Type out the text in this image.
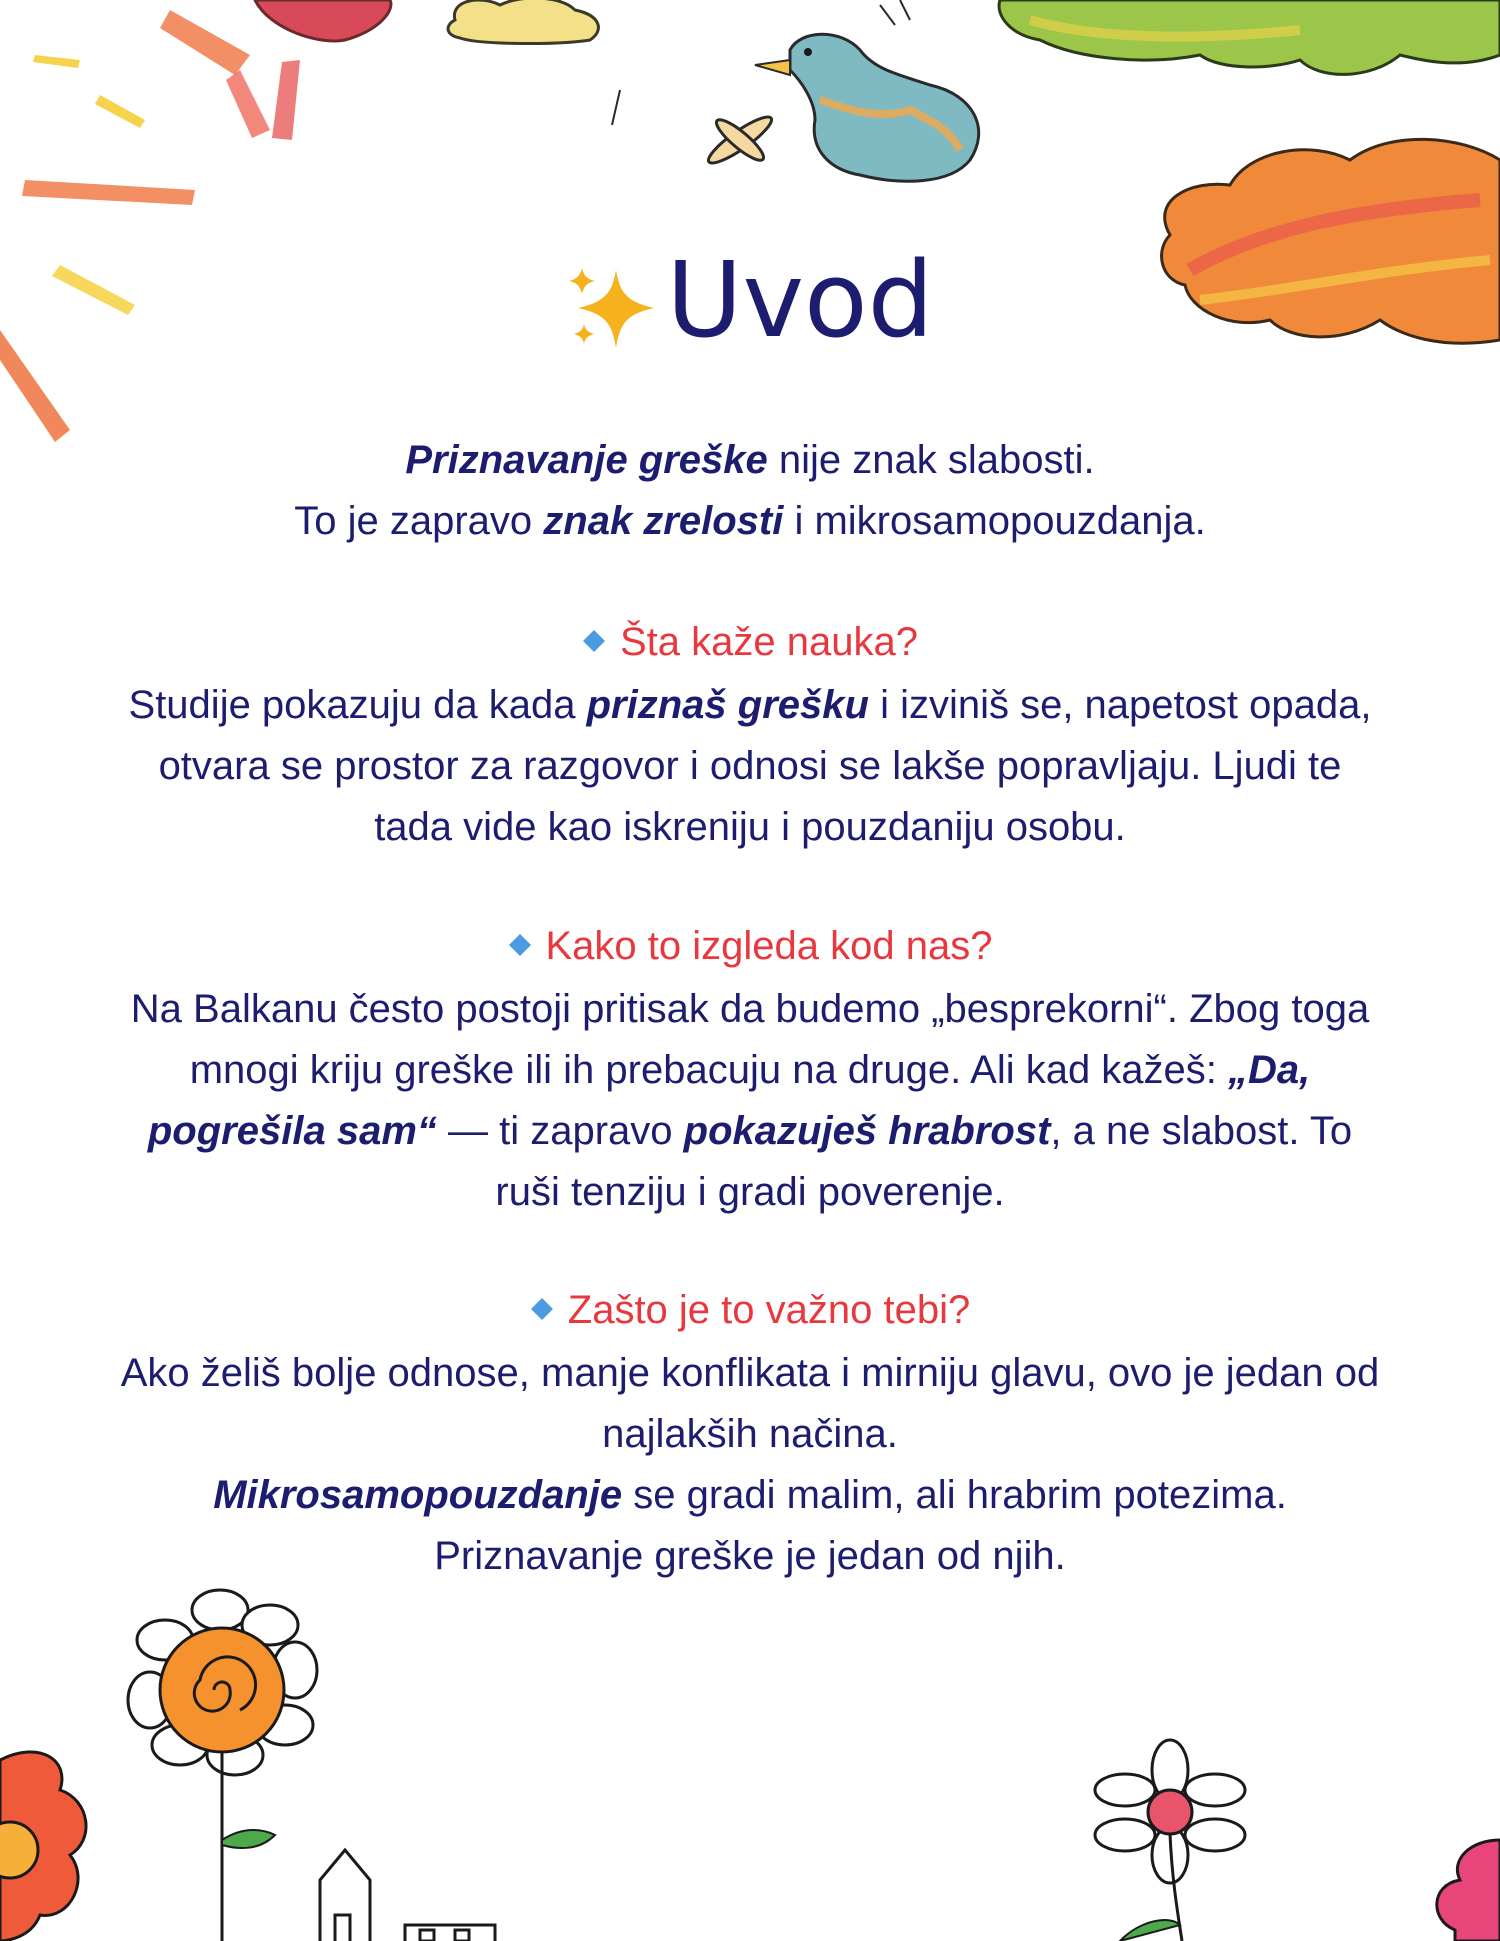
Uvod

Priznavanje greške nije znak slabosti.

To je zapravo znak zrelosti i mikrosamopouzdanja.

Šta kaže nauka?

Studije pokazuju da kada priznaš grešku i izviniš se, napetost opada, otvara se prostor za razgovor i odnosi se lakše popravljaju. Ljudi te tada vide kao iskreniju i pouzdaniju osobu.

Kako to izgleda kod nas?

Na Balkanu često postoji pritisak da budemo „besprekorni“. Zbog toga mnogi kriju greške ili ih prebacuju na druge. Ali kad kažeš: „Da, pogrešila sam“ — ti zapravo pokazuješ hrabrost, a ne slabost. To ruši tenziju i gradi poverenje.

Zašto je to važno tebi?

Ako želiš bolje odnose, manje konflikata i mirniju glavu, ovo je jedan od najlakših načina.

Mikrosamopouzdanje se gradi malim, ali hrabrim potezima.

Priznavanje greške je jedan od njih.
